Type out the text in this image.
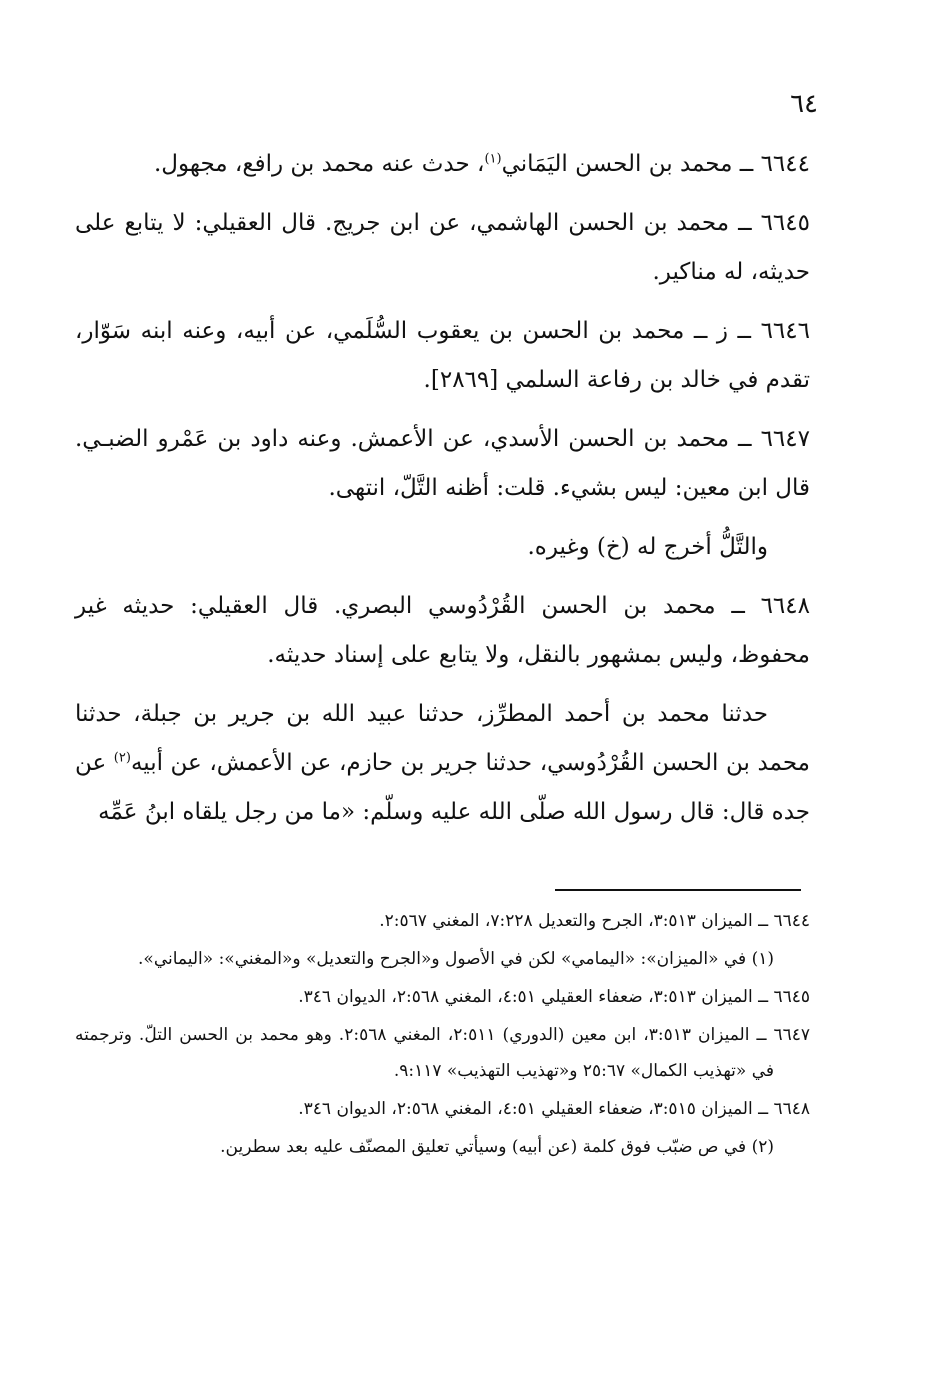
٦٤

٦٦٤٤ ــ محمد بن الحسن اليَمَاني$^{(١)}$، حدث عنه محمد بن رافع، مجهول.

٦٦٤٥ ــ محمد بن الحسن الهاشمي، عن ابن جريج. قال العقيلي: لا يتابع على حديثه، له مناكير.

٦٦٤٦ ــ ز ــ محمد بن الحسن بن يعقوب السُّلَمي، عن أبيه، وعنه ابنه سَوّار، تقدم في خالد بن رفاعة السلمي [٢٨٦٩].

٦٦٤٧ ــ محمد بن الحسن الأسدي، عن الأعمش. وعنه داود بن عَمْرو الضبـي. قال ابن معين: ليس بشيء. قلت: أظنه التَّلّ، انتهى.

والتَّلُّ أخرج له (خ) وغيره.

٦٦٤٨ ــ محمد بن الحسن القُرْدُوسي البصري. قال العقيلي: حديثه غير محفوظ، وليس بمشهور بالنقل، ولا يتابع على إسناد حديثه.

حدثنا محمد بن أحمد المطرِّز، حدثنا عبيد الله بن جرير بن جبلة، حدثنا محمد بن الحسن القُرْدُوسي، حدثنا جرير بن حازم، عن الأعمش، عن أبيه$^{(٢)}$ عن جده قال: قال رسول الله صلّى الله عليه وسلّم: «ما من رجل يلقاه ابنُ عَمِّه

٦٦٤٤ ــ الميزان ٣:٥١٣، الجرح والتعديل ٧:٢٢٨، المغني ٢:٥٦٧.

(١) في «الميزان»: «اليمامي» لكن في الأصول و«الجرح والتعديل» و«المغني»: «اليماني».

٦٦٤٥ ــ الميزان ٣:٥١٣، ضعفاء العقيلي ٤:٥١، المغني ٢:٥٦٨، الديوان ٣٤٦.

٦٦٤٧ ــ الميزان ٣:٥١٣، ابن معين (الدوري) ٢:٥١١، المغني ٢:٥٦٨. وهو محمد بن الحسن التلّ. وترجمته في «تهذيب الكمال» ٢٥:٦٧ و«تهذيب التهذيب» ٩:١١٧.

٦٦٤٨ ــ الميزان ٣:٥١٥، ضعفاء العقيلي ٤:٥١، المغني ٢:٥٦٨، الديوان ٣٤٦.

(٢) في ص ضبّب فوق كلمة (عن أبيه) وسيأتي تعليق المصنّف عليه بعد سطرين.
